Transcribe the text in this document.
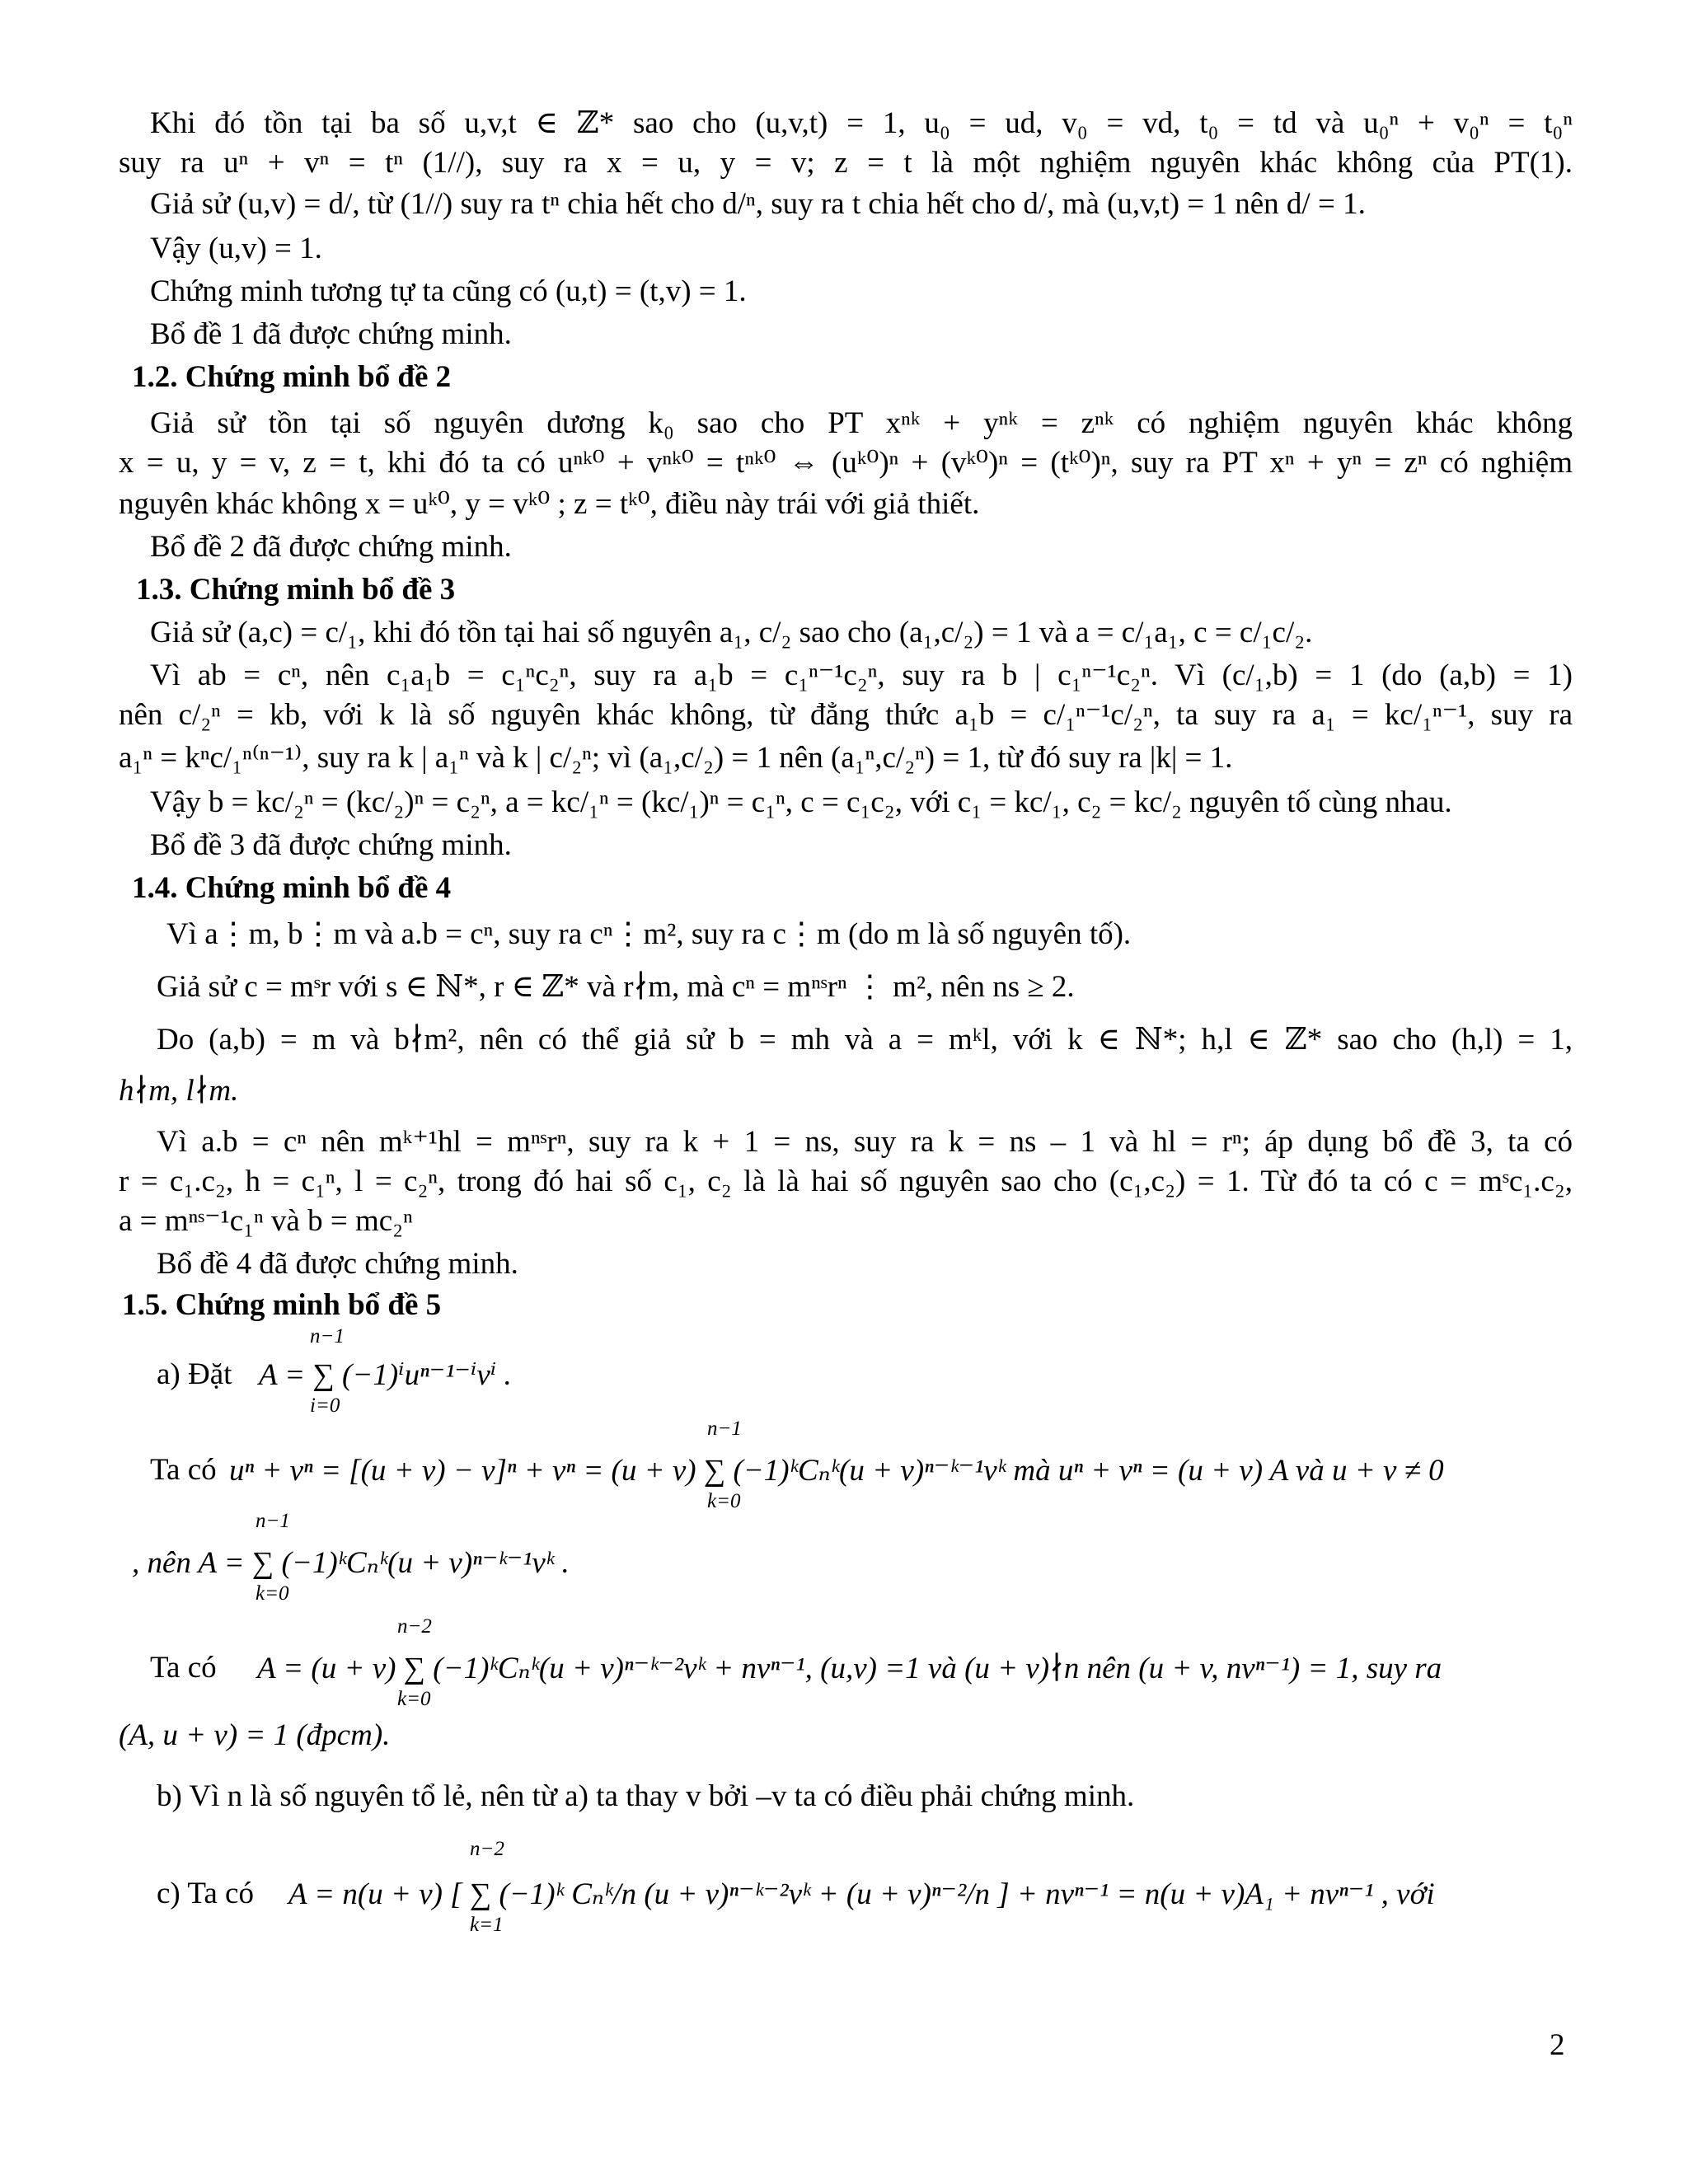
Khi đó tồn tại ba số u,v,t ∈ ℤ* sao cho (u,v,t) = 1, u₀ = ud, v₀ = vd, t₀ = td và u₀ⁿ + v₀ⁿ = t₀ⁿ
suy ra uⁿ + vⁿ = tⁿ (1//), suy ra x = u, y = v; z = t là một nghiệm nguyên khác không của PT(1).
Giả sử (u,v) = d/, từ (1//) suy ra tⁿ chia hết cho d/ⁿ, suy ra t chia hết cho d/, mà (u,v,t) = 1 nên d/ = 1.
Vậy (u,v) = 1.
Chứng minh tương tự ta cũng có (u,t) = (t,v) = 1.
Bổ đề 1 đã được chứng minh.
1.2. Chứng minh bổ đề 2
Giả sử tồn tại số nguyên dương k₀ sao cho PT xⁿᵏ + yⁿᵏ = zⁿᵏ có nghiệm nguyên khác không
x = u, y = v, z = t, khi đó ta có uⁿᵏ⁰ + vⁿᵏ⁰ = tⁿᵏ⁰ ⇔ (uᵏ⁰)ⁿ + (vᵏ⁰)ⁿ = (tᵏ⁰)ⁿ, suy ra PT xⁿ + yⁿ = zⁿ có nghiệm
nguyên khác không x = uᵏ⁰, y = vᵏ⁰ ; z = tᵏ⁰, điều này trái với giả thiết.
Bổ đề 2 đã được chứng minh.
1.3. Chứng minh bổ đề 3
Giả sử (a,c) = c/₁, khi đó tồn tại hai số nguyên a₁, c/₂ sao cho (a₁,c/₂) = 1 và a = c/₁a₁, c = c/₁c/₂.
Vì ab = cⁿ, nên c₁a₁b = c₁ⁿc₂ⁿ, suy ra a₁b = c₁ⁿ⁻¹c₂ⁿ, suy ra b | c₁ⁿ⁻¹c₂ⁿ. Vì (c/₁,b) = 1 (do (a,b) = 1)
nên c/₂ⁿ = kb, với k là số nguyên khác không, từ đẳng thức a₁b = c/₁ⁿ⁻¹c/₂ⁿ, ta suy ra a₁ = kc/₁ⁿ⁻¹, suy ra
a₁ⁿ = kⁿc/₁ⁿ⁽ⁿ⁻¹⁾, suy ra k | a₁ⁿ và k | c/₂ⁿ; vì (a₁,c/₂) = 1 nên (a₁ⁿ,c/₂ⁿ) = 1, từ đó suy ra |k| = 1.
Vậy b = kc/₂ⁿ = (kc/₂)ⁿ = c₂ⁿ, a = kc/₁ⁿ = (kc/₁)ⁿ = c₁ⁿ, c = c₁c₂, với c₁ = kc/₁, c₂ = kc/₂ nguyên tố cùng nhau.
Bổ đề 3 đã được chứng minh.
1.4. Chứng minh bổ đề 4
Vì a⋮m, b⋮m và a.b = cⁿ, suy ra cⁿ⋮m², suy ra c⋮m (do m là số nguyên tố).
Giả sử c = mˢr với s ∈ ℕ*, r ∈ ℤ* và r∤m, mà cⁿ = mⁿˢrⁿ ⋮ m², nên ns ≥ 2.
Do (a,b) = m và b∤m², nên có thể giả sử b = mh và a = mᵏl, với k ∈ ℕ*; h,l ∈ ℤ* sao cho (h,l) = 1,
h∤m, l∤m.
Vì a.b = cⁿ nên mᵏ⁺¹hl = mⁿˢrⁿ, suy ra k + 1 = ns, suy ra k = ns – 1 và hl = rⁿ; áp dụng bổ đề 3, ta có
r = c₁.c₂, h = c₁ⁿ, l = c₂ⁿ, trong đó hai số c₁, c₂ là là hai số nguyên sao cho (c₁,c₂) = 1. Từ đó ta có c = mˢc₁.c₂,
a = mⁿˢ⁻¹c₁ⁿ và b = mc₂ⁿ
Bổ đề 4 đã được chứng minh.
1.5. Chứng minh bổ đề 5
a) Đặt
n−1
i=0
A = ∑ (−1)ⁱuⁿ⁻¹⁻ⁱvⁱ .
Ta có
n−1
k=0
uⁿ + vⁿ = [(u + v) − v]ⁿ + vⁿ = (u + v) ∑ (−1)ᵏCₙᵏ(u + v)ⁿ⁻ᵏ⁻¹vᵏ mà uⁿ + vⁿ = (u + v) A và u + v ≠ 0
n−1
k=0
, nên A = ∑ (−1)ᵏCₙᵏ(u + v)ⁿ⁻ᵏ⁻¹vᵏ .
Ta có
n−2
k=0
A = (u + v) ∑ (−1)ᵏCₙᵏ(u + v)ⁿ⁻ᵏ⁻²vᵏ + nvⁿ⁻¹, (u,v) =1 và (u + v)∤n nên (u + v, nvⁿ⁻¹) = 1, suy ra
(A, u + v) = 1 (đpcm).
b) Vì n là số nguyên tổ lẻ, nên từ a) ta thay v bởi –v ta có điều phải chứng minh.
c) Ta có
n−2
k=1
A = n(u + v) [ ∑ (−1)ᵏ Cₙᵏ/n (u + v)ⁿ⁻ᵏ⁻²vᵏ + (u + v)ⁿ⁻²/n ] + nvⁿ⁻¹ = n(u + v)A₁ + nvⁿ⁻¹ , với
2
